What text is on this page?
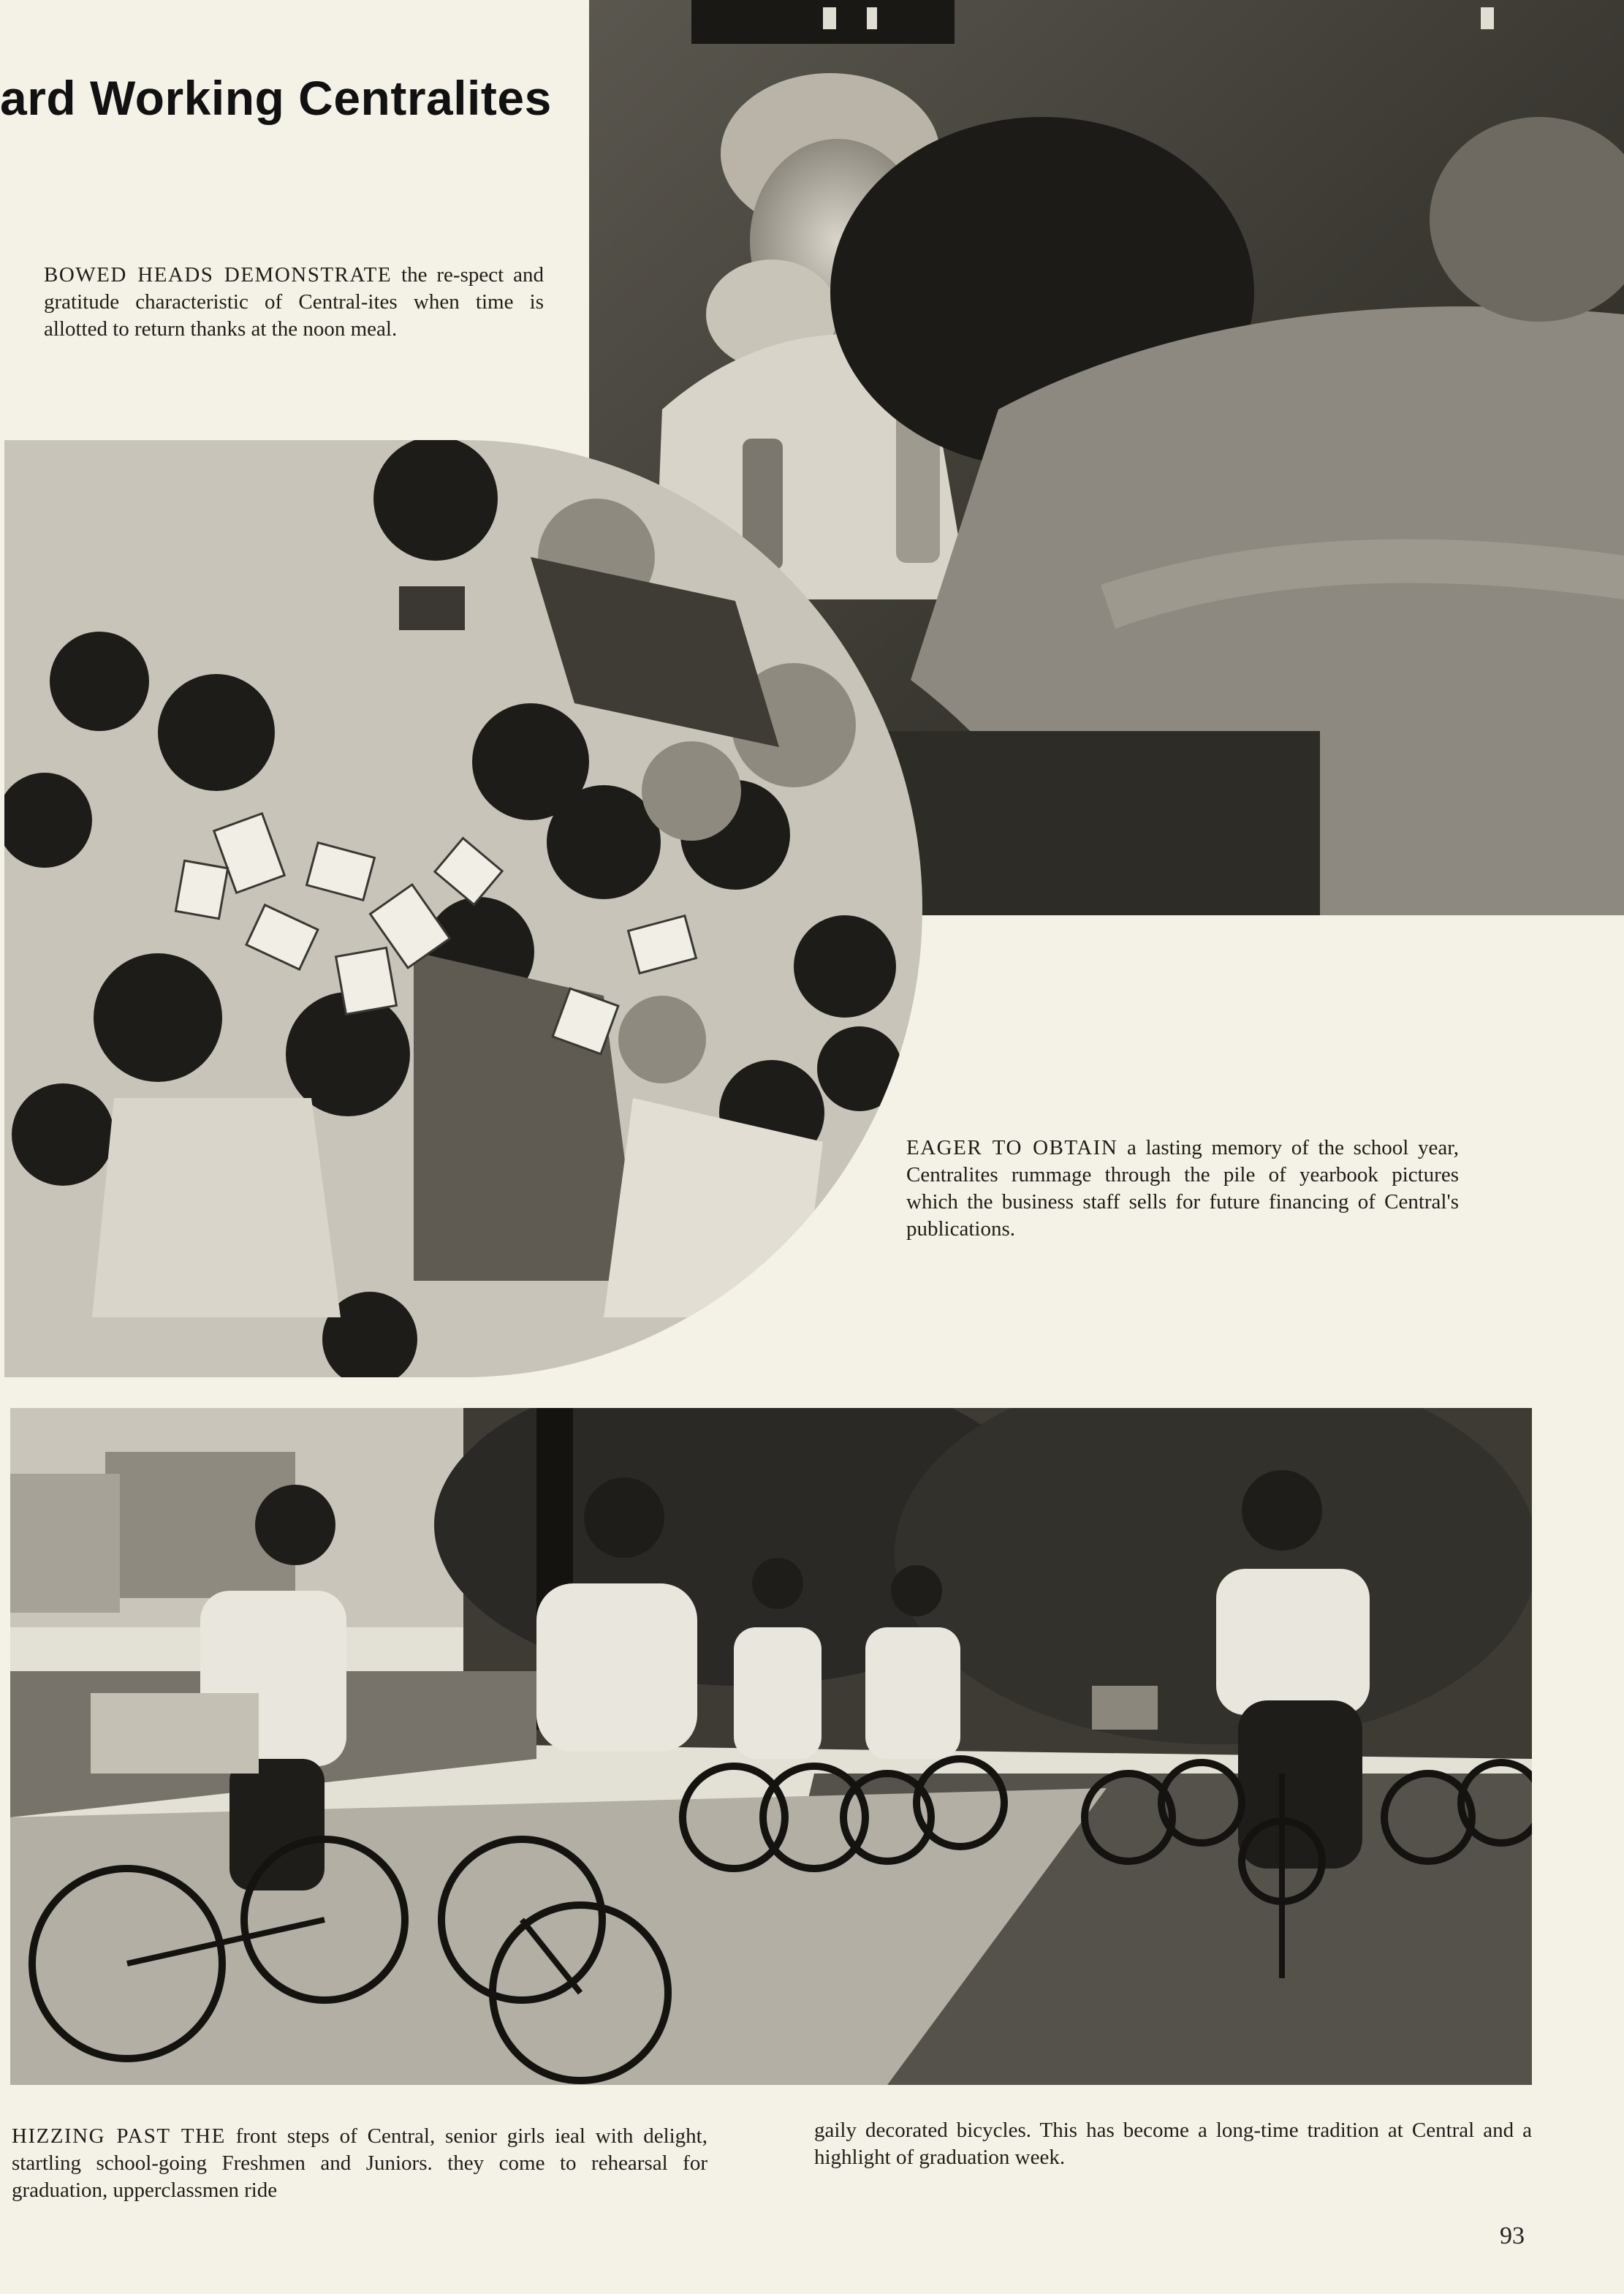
ard Working Centralites
BOWED HEADS DEMONSTRATE the re-spect and gratitude characteristic of Central-ites when time is allotted to return thanks at the noon meal.
EAGER TO OBTAIN a lasting memory of the school year, Centralites rummage through the pile of yearbook pictures which the business staff sells for future financing of Central's publications.
HIZZING PAST THE front steps of Central, senior girls ieal with delight, startling school-going Freshmen and Juniors. they come to rehearsal for graduation, upperclassmen ride
gaily decorated bicycles. This has become a long-time tradition at Central and a highlight of graduation week.
93
